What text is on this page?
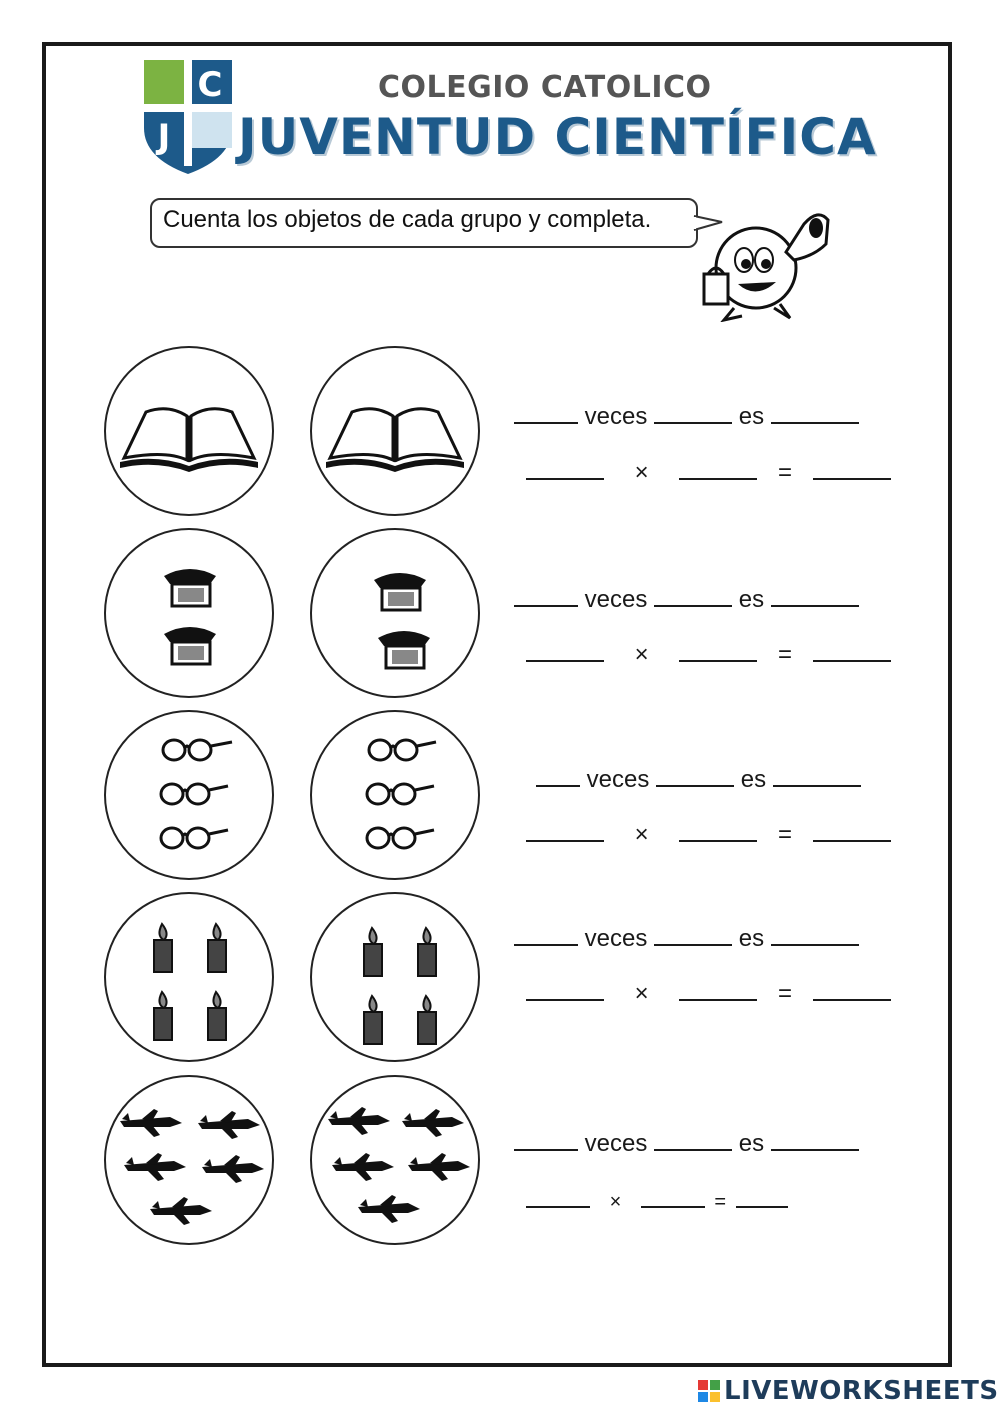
C
J
COLEGIO CATOLICO
JUVENTUD CIENTÍFICA
Cuenta los objetos de cada grupo y completa.
veces	es
×	=
veces	es
×	=
veces	es
×	=
veces	es
×	=
veces	es
×	=
LIVEWORKSHEETS
